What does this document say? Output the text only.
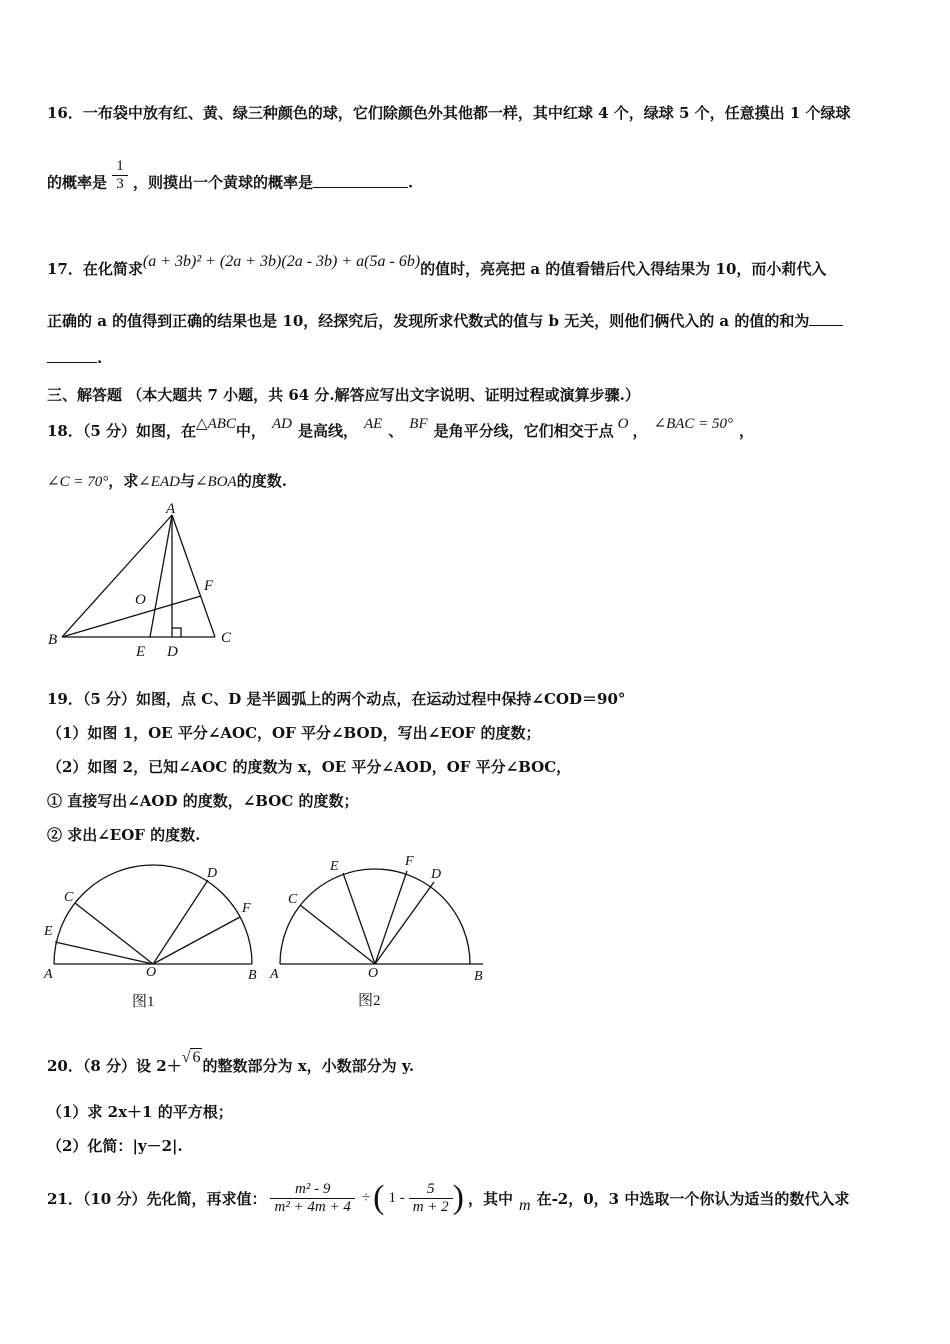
16．一布袋中放有红、黄、绿三种颜色的球，它们除颜色外其他都一样，其中红球 4 个，绿球 5 个，任意摸出 1 个绿球
的概率是 $\frac{1}{3}$ ，则摸出一个黄球的概率是	.
17．在化简求(a + 3b)² + (2a + 3b)(2a - 3b) + a(5a - 6b)的值时，亮亮把 a 的值看错后代入得结果为 10，而小莉代入
正确的 a 的值得到正确的结果也是 10，经探究后，发现所求代数式的值与 b 无关，则他们俩代入的 a 的值的和为
.
三、解答题 （本大题共 7 小题，共 64 分.解答应写出文字说明、证明过程或演算步骤.）
18．（5 分）如图，在△ABC中， AD 是高线， AE 、 BF 是角平分线，它们相交于点 O ， ∠BAC = 50° ，
∠C = 70°，求∠EAD与∠BOA的度数.
A
B	C
E D
F
O
19．（5 分）如图，点 C、D 是半圆弧上的两个动点，在运动过程中保持∠COD＝90°
（1）如图 1，OE 平分∠AOC，OF 平分∠BOD，写出∠EOF 的度数；
（2）如图 2，已知∠AOC 的度数为 x，OE 平分∠AOD，OF 平分∠BOC，
① 直接写出∠AOD 的度数，∠BOC 的度数；
② 求出∠EOF 的度数.
A	B
O
C
E
D
F
图1
A	B
O
C
E	F
D
图2
20．（8 分）设 2＋√ 6 的整数部分为 x，小数部分为 y.
（1）求 2x＋1 的平方根；
（2）化简：|y－2|.
21．（10 分）先化简，再求值： $\frac{\text{m² - 9}}{\text{m² + 4m + 4}}$ ÷ ( $1 - \frac{5}{m + 2}$ ) ，其中 m 在-2，0，3 中选取一个你认为适当的数代入求
